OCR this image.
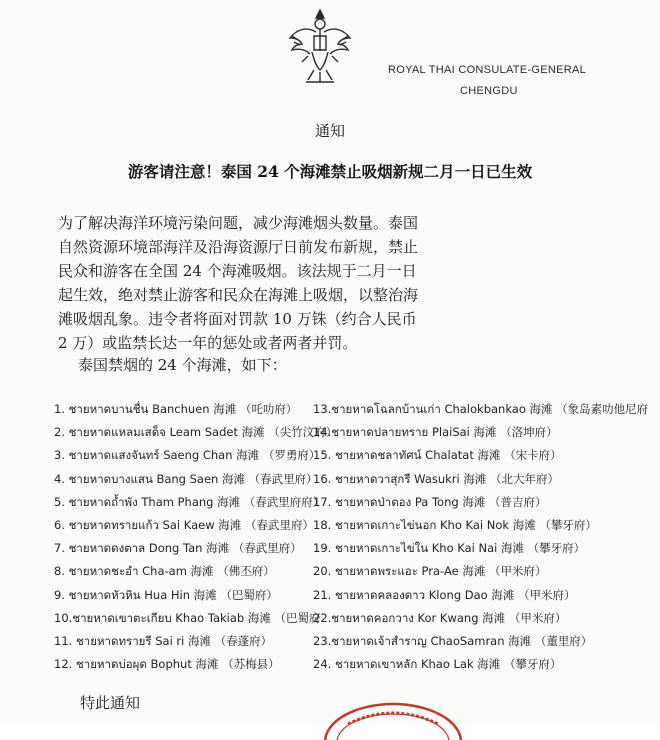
ROYAL THAI CONSULATE-GENERAL
CHENGDU
通知
游客请注意！泰国 24 个海滩禁止吸烟新规二月一日已生效
为了解决海洋环境污染问题，减少海滩烟头数量。泰国自然资源环境部海洋及沿海资源厅日前发布新规，禁止民众和游客在全国 24 个海滩吸烟。该法规于二月一日起生效，绝对禁止游客和民众在海滩上吸烟，以整治海滩吸烟乱象。违令者将面对罚款 10 万铢（约合人民币 2 万）或监禁长达一年的惩处或者两者并罚。
泰国禁烟的 24 个海滩，如下：
1. ชายหาดบานชื่น Banchuen 海滩 （吒叻府）
2. ชายหาดแหลมเสด็จ Leam Sadet 海滩 （尖竹汶府）
3. ชายหาดแสงจันทร์ Saeng Chan 海滩 （罗勇府）
4. ชายหาดบางแสน Bang Saen 海滩 （春武里府）
5. ชายหาดถ้ำพัง Tham Phang 海滩 （春武里府府）
6. ชายหาดทรายแก้ว Sai Kaew 海滩 （春武里府）
7. ชายหาดดงตาล Dong Tan 海滩 （春武里府）
8. ชายหาดชะอำ Cha-am 海滩 （佛丕府）
9. ชายหาดหัวหิน Hua Hin 海滩 （巴蜀府）
10.ชายหาดเขาตะเกียบ Khao Takiab 海滩 （巴蜀府
11. ชายหาดทรายรี Sai ri 海滩 （春蓬府）
12. ชายหาดบ่อผุด Bophut 海滩 （苏梅县）
13.ชายหาดโฉลกบ้านเก่า Chalokbankao 海滩 （象岛素叻他尼府
14.ชายหาดปลายทราย PlaiSai 海滩 （洛坤府）
15. ชายหาดชลาทัศน์ Chalatat 海滩 （宋卡府）
16. ชายหาดวาสุกรี Wasukri 海滩 （北大年府）
17. ชายหาดป่าตอง Pa Tong 海滩 （普吉府）
18. ชายหาดเกาะไข่นอก Kho Kai Nok 海滩 （攀牙府）
19. ชายหาดเกาะไข่ใน Kho Kai Nai 海滩 （攀牙府）
20. ชายหาดพระแอะ Pra-Ae 海滩 （甲米府）
21. ชายหาดคลองดาว Klong Dao 海滩 （甲米府）
22.ชายหาดคอกวาง Kor Kwang 海滩 （甲米府）
23.ชายหาดเจ้าสำราญ ChaoSamran 海滩 （董里府）
24. ชายหาดเขาหลัก Khao Lak 海滩 （攀牙府）
特此通知
